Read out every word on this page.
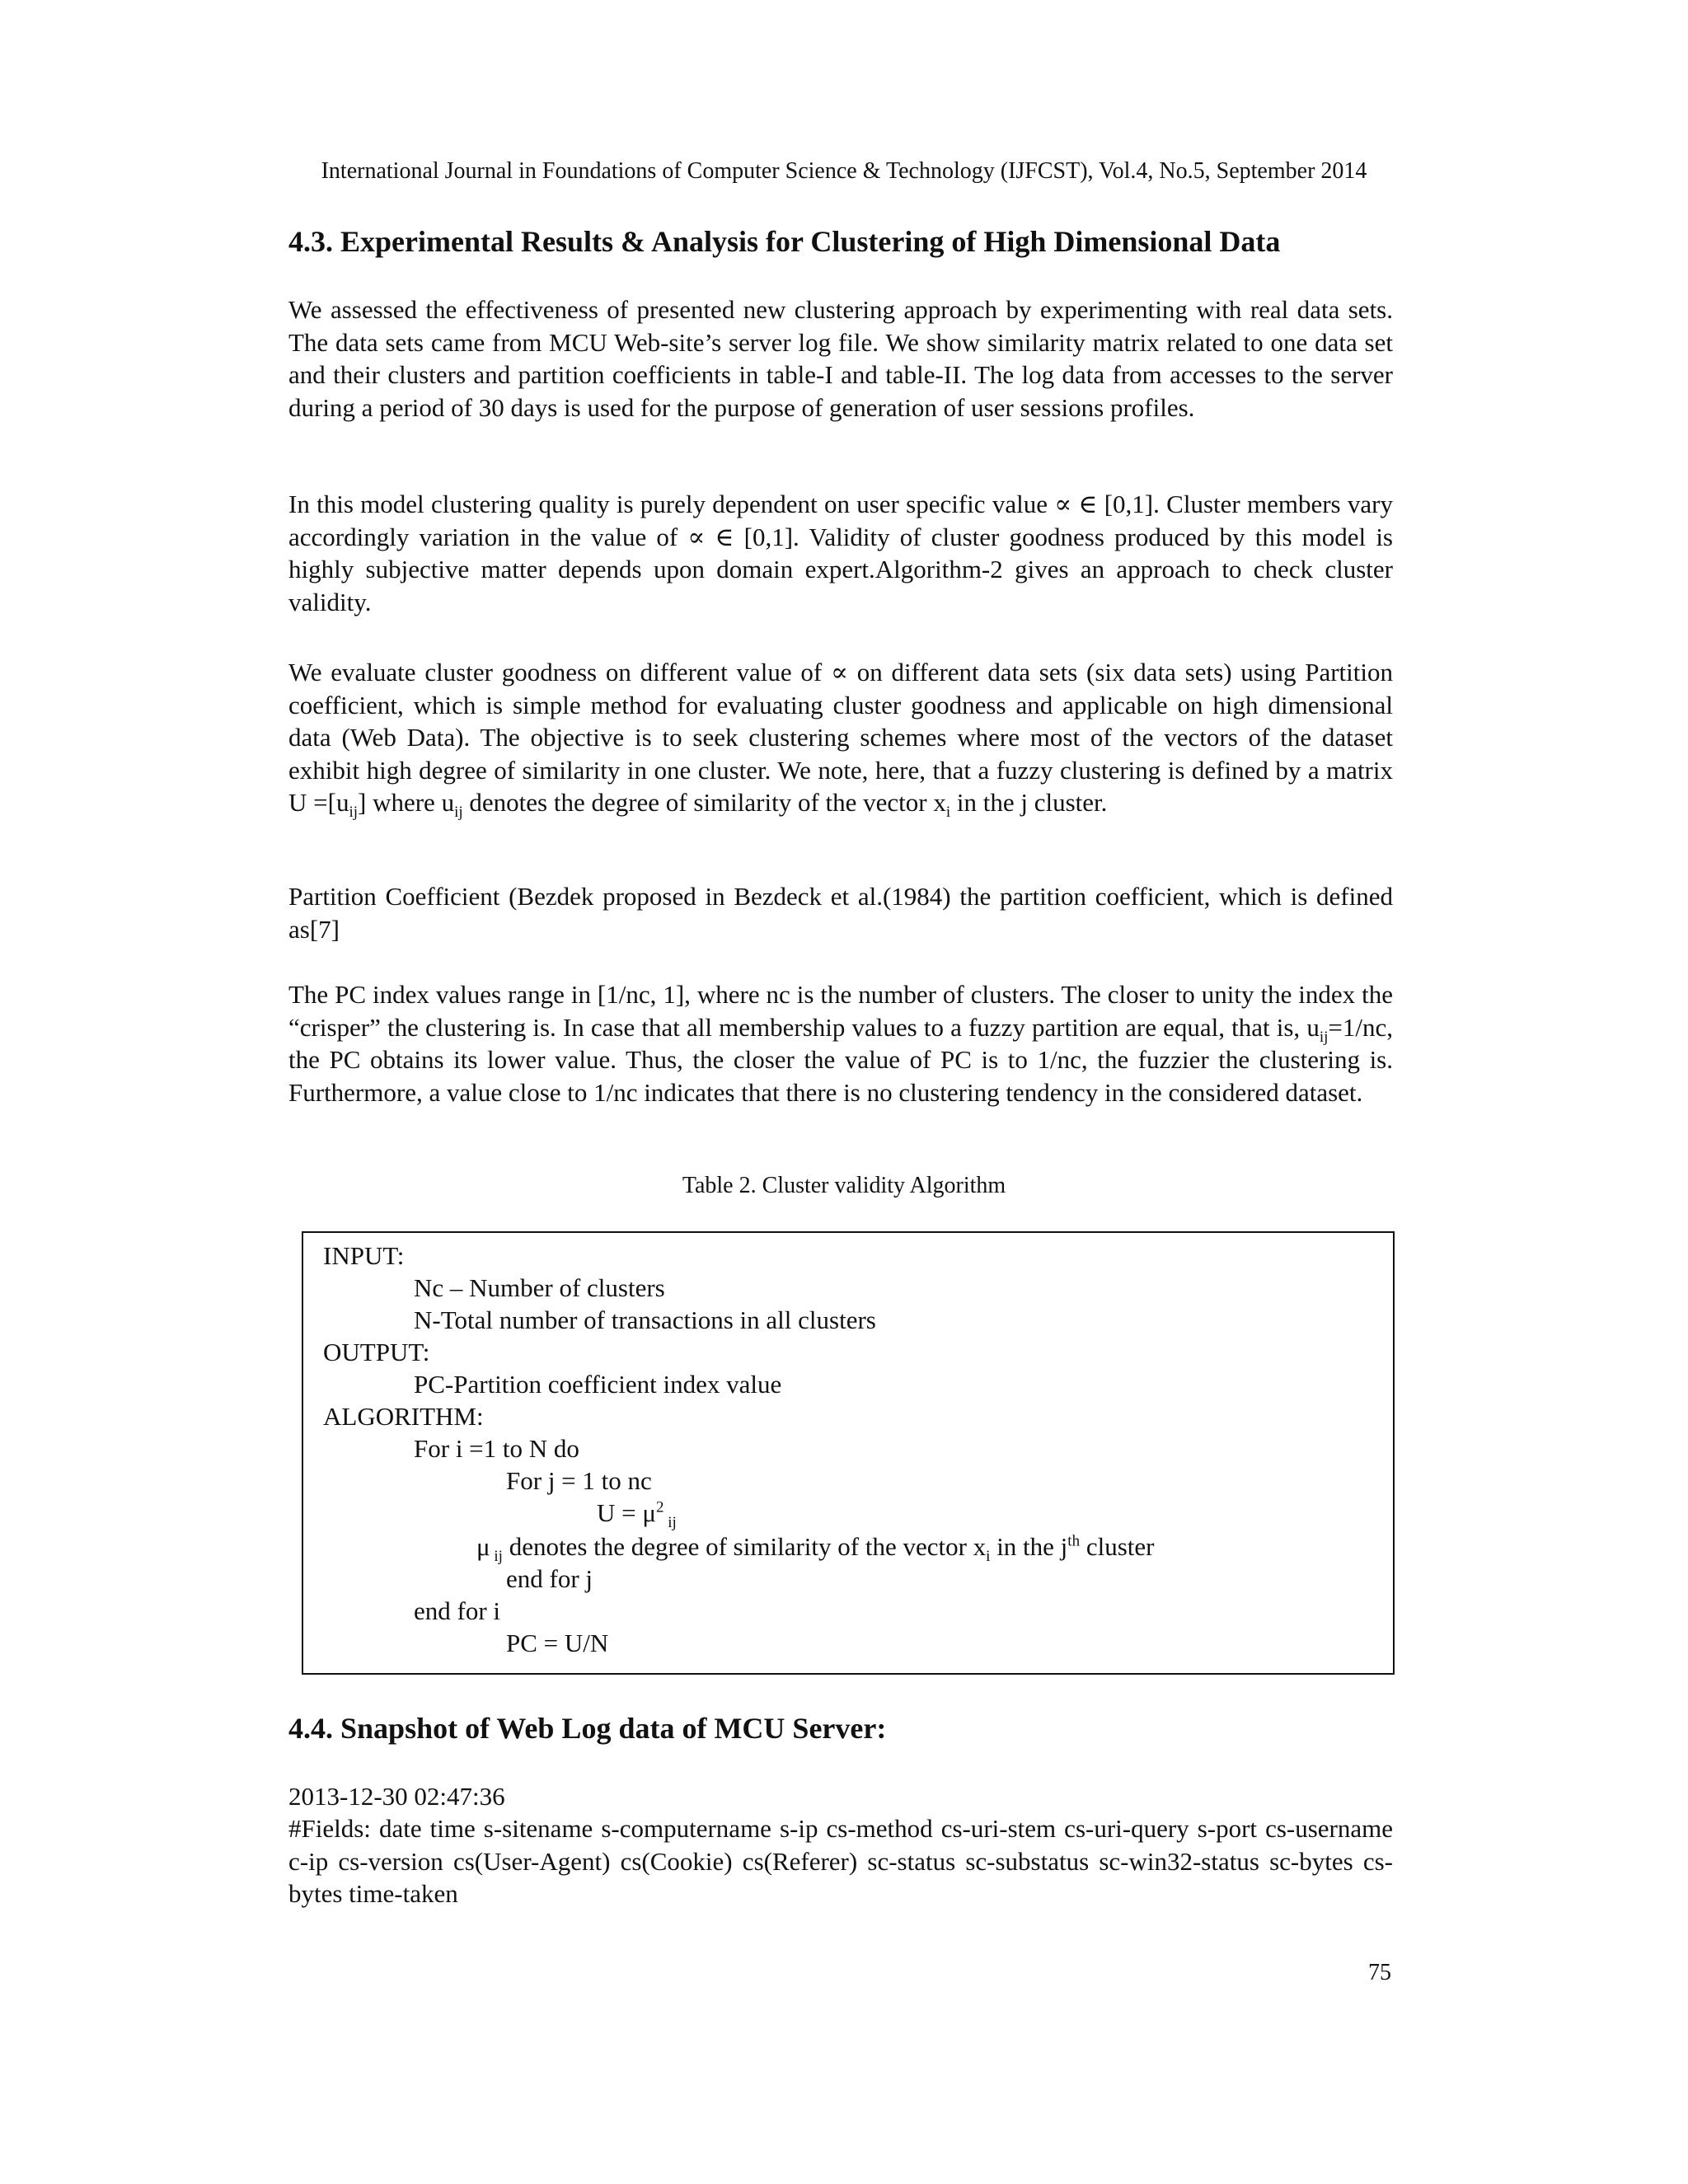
International Journal in Foundations of Computer Science & Technology (IJFCST), Vol.4, No.5, September 2014
4.3. Experimental Results & Analysis for Clustering of High Dimensional Data
We assessed the effectiveness of presented new clustering approach by experimenting with real data sets. The data sets came from MCU Web-site’s server log file. We show similarity matrix related to one data set and their clusters and partition coefficients in table-I and table-II. The log data from accesses to the server during a period of 30 days is used for the purpose of generation of user sessions profiles.
In this model clustering quality is purely dependent on user specific value ∝ ∈ [0,1]. Cluster members vary accordingly variation in the value of ∝ ∈ [0,1]. Validity of cluster goodness produced by this model is highly subjective matter depends upon domain expert.Algorithm-2 gives an approach to check cluster validity.
We evaluate cluster goodness on different value of ∝ on different data sets (six data sets) using Partition coefficient, which is simple method for evaluating cluster goodness and applicable on high dimensional data (Web Data). The objective is to seek clustering schemes where most of the vectors of the dataset exhibit high degree of similarity in one cluster. We note, here, that a fuzzy clustering is defined by a matrix $U =[u_{ij}]$ where $u_{ij}$ denotes the degree of similarity of the vector $x_i$ in the j cluster.
Partition Coefficient (Bezdek proposed in Bezdeck et al.(1984) the partition coefficient, which is defined as[7]
The PC index values range in [1/nc, 1], where nc is the number of clusters. The closer to unity the index the “crisper” the clustering is. In case that all membership values to a fuzzy partition are equal, that is, $u_{ij}=1/nc$, the PC obtains its lower value. Thus, the closer the value of PC is to 1/nc, the fuzzier the clustering is. Furthermore, a value close to 1/nc indicates that there is no clustering tendency in the considered dataset.
Table 2. Cluster validity Algorithm
INPUT:
Nc – Number of clusters
N-Total number of transactions in all clusters
OUTPUT:
PC-Partition coefficient index value
ALGORITHM:
For i =1 to N do
For j = 1 to nc
$U = \mu^2$ $_{ij}$
μ $_{ij}$ denotes the degree of similarity of the vector $x_i$ in the $j^{th}$ cluster
end for j
end for i
PC = U/N
4.4. Snapshot of Web Log data of MCU Server:
2013-12-30 02:47:36
#Fields: date time s-sitename s-computername s-ip cs-method cs-uri-stem cs-uri-query s-port cs-username c-ip cs-version cs(User-Agent) cs(Cookie) cs(Referer) sc-status sc-substatus sc-win32-status sc-bytes cs-bytes time-taken
75
